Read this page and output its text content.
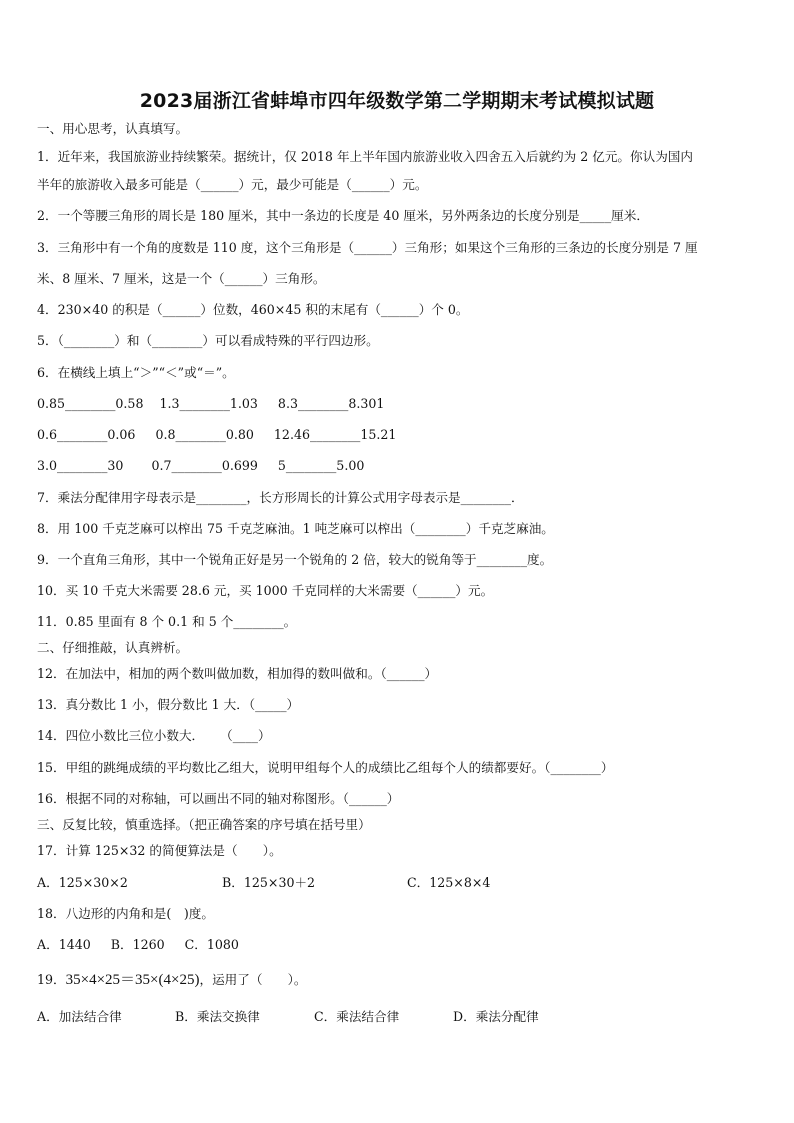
2023届浙江省蚌埠市四年级数学第二学期期末考试模拟试题
一、用心思考，认真填写。
1．近年来，我国旅游业持续繁荣。据统计，仅 2018 年上半年国内旅游业收入四舍五入后就约为 2 亿元。你认为国内
半年的旅游收入最多可能是（______）元，最少可能是（______）元。
2．一个等腰三角形的周长是 180 厘米，其中一条边的长度是 40 厘米，另外两条边的长度分别是_____厘米．
3．三角形中有一个角的度数是 110 度，这个三角形是（______）三角形；如果这个三角形的三条边的长度分别是 7 厘
米、8 厘米、7 厘米，这是一个（______）三角形。
4．230×40 的积是（______）位数，460×45 积的末尾有（______）个 0。
5．（________）和（________）可以看成特殊的平行四边形。
6．在横线上填上“＞”“＜”或“＝”。
0.85________0.58    1.3________1.03     8.3________8.301
0.6________0.06     0.8________0.80     12.46________15.21
3.0________30       0.7________0.699     5________5.00
7．乘法分配律用字母表示是________，长方形周长的计算公式用字母表示是________．
8．用 100 千克芝麻可以榨出 75 千克芝麻油。1 吨芝麻可以榨出（________）千克芝麻油。
9．一个直角三角形，其中一个锐角正好是另一个锐角的 2 倍，较大的锐角等于________度。
10．买 10 千克大米需要 28.6 元，买 1000 千克同样的大米需要（______）元。
11．0.85 里面有 8 个 0.1 和 5 个________。
二、仔细推敲，认真辨析。
12．在加法中，相加的两个数叫做加数，相加得的数叫做和。（______）
13．真分数比 1 小，假分数比 1 大．（_____）
14．四位小数比三位小数大．    （____）
15．甲组的跳绳成绩的平均数比乙组大，说明甲组每个人的成绩比乙组每个人的绩都要好。（________）
16．根据不同的对称轴，可以画出不同的轴对称图形。（______）
三、反复比较，慎重选择。（把正确答案的序号填在括号里）
17．计算 125×32 的简便算法是（　　）。
A．125×30×2	B．125×30＋2	C．125×8×4
18．八边形的内角和是(　)度。
A．1440     B．1260     C．1080
19．35×4×25＝35×(4×25)，运用了（　　）。
A．加法结合律	B．乘法交换律	C．乘法结合律	D．乘法分配律
